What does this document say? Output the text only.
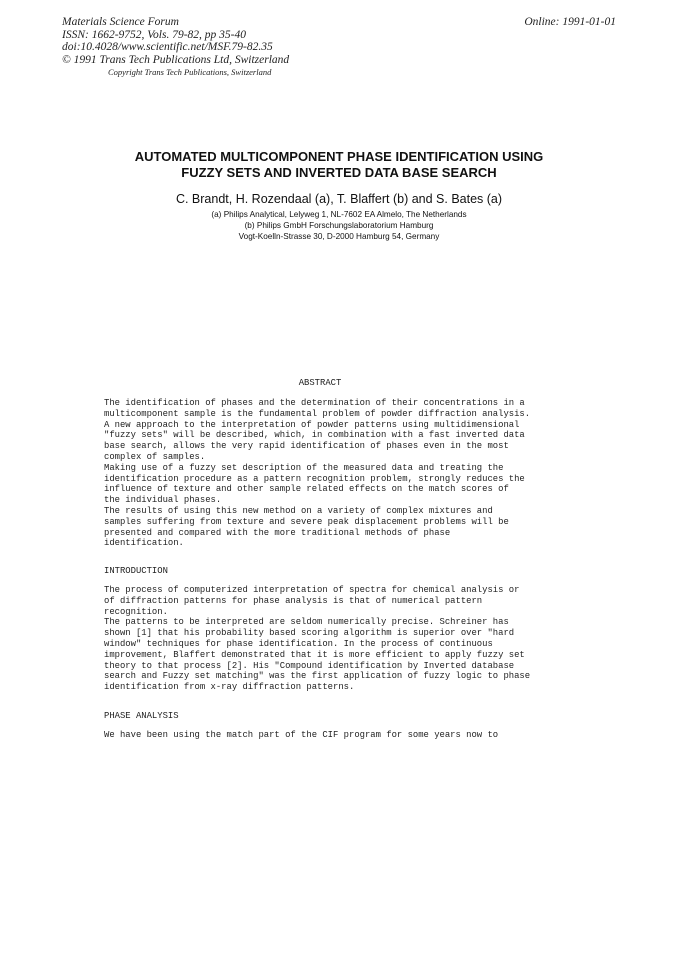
Materials Science Forum
ISSN: 1662-9752, Vols. 79-82, pp 35-40
doi:10.4028/www.scientific.net/MSF.79-82.35
© 1991 Trans Tech Publications Ltd, Switzerland
Online: 1991-01-01
Copyright Trans Tech Publications, Switzerland
AUTOMATED MULTICOMPONENT PHASE IDENTIFICATION USING
FUZZY SETS AND INVERTED DATA BASE SEARCH
C. Brandt, H. Rozendaal (a), T. Blaffert (b) and S. Bates (a)
(a) Philips Analytical, Lelyweg 1, NL-7602 EA Almelo, The Netherlands
(b) Philips GmbH Forschungslaboratorium Hamburg
Vogt-Koelln-Strasse 30, D-2000 Hamburg 54, Germany
ABSTRACT
The identification of phases and the determination of their concentrations in a
multicomponent sample is the fundamental problem of powder diffraction analysis.
A new approach to the interpretation of powder patterns using multidimensional
"fuzzy sets" will be described, which, in combination with a fast inverted data
base search, allows the very rapid identification of phases even in the most
complex of samples.
Making use of a fuzzy set description of the measured data and treating the
identification procedure as a pattern recognition problem, strongly reduces the
influence of texture and other sample related effects on the match scores of
the individual phases.
The results of using this new method on a variety of complex mixtures and
samples suffering from texture and severe peak displacement problems will be
presented and compared with the more traditional methods of phase
identification.
INTRODUCTION
The process of computerized interpretation of spectra for chemical analysis or
of diffraction patterns for phase analysis is that of numerical pattern
recognition.
The patterns to be interpreted are seldom numerically precise. Schreiner has
shown [1] that his probability based scoring algorithm is superior over "hard
window" techniques for phase identification. In the process of continuous
improvement, Blaffert demonstrated that it is more efficient to apply fuzzy set
theory to that process [2]. His "Compound identification by Inverted database
search and Fuzzy set matching" was the first application of fuzzy logic to phase
identification from x-ray diffraction patterns.
PHASE ANALYSIS
We have been using the match part of the CIF program for some years now to
